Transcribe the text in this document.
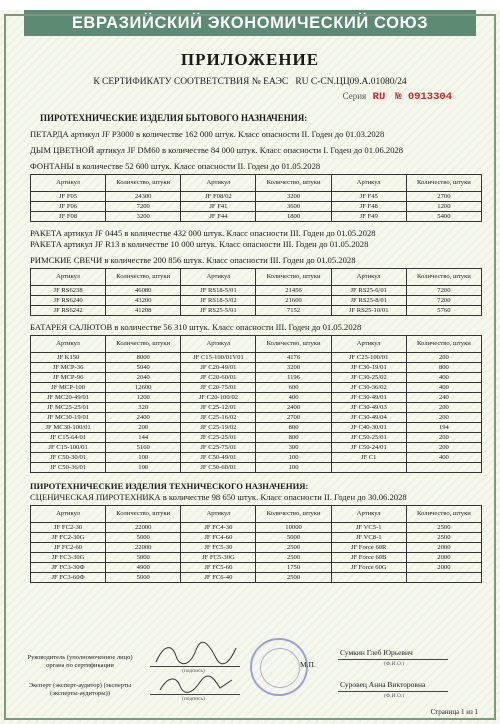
ЕВРАЗИЙСКИЙ ЭКОНОМИЧЕСКИЙ СОЮЗ
ПРИЛОЖЕНИЕ
К СЕРТИФИКАТУ СООТВЕТСТВИЯ № ЕАЭС RU C-CN.ЦЦ09.А.01080/24
Серия RU № 0913304
ПИРОТЕХНИЧЕСКИЕ ИЗДЕЛИЯ БЫТОВОГО НАЗНАЧЕНИЯ:
ПЕТАРДА артикул JF P3000 в количестве 162 000 штук. Класс опасности II. Годен до 01.03.2028
ДЫМ ЦВЕТНОЙ артикул JF DM60 в количестве 84 000 штук. Класс опасности I. Годен до 01.06.2028
ФОНТАНЫ в количестве 52 600 штук. Класс опасности II. Годен до 01.05.2028
Артикул	Количество, штуки	Артикул	Количество, штуки	Артикул	Количество, штуки
JF F05	24300	JF F08/02	3200	JF F45	2700
JF F06	7200	JF F41	3600	JF F48	1200
JF F08	3200	JF F44	1800	JF F49	5400
РАКЕТА артикул JF 0445 в количестве 432 000 штук. Класс опасности III. Годен до 01.05.2028
РАКЕТА артикул JF R13 в количестве 10 000 штук. Класс опасности III. Годен до 01.05.2028
РИМСКИЕ СВЕЧИ в количестве 200 856 штук. Класс опасности III. Годен до 01.05.2028
Артикул	Количество, штуки	Артикул	Количество, штуки	Артикул	Количество, штуки
JF RS6238	46080	JF RS18-5/01	21456	JF RS25-6/01	7200
JF RS6240	43200	JF RS18-5/02	21600	JF RS25-8/01	7200
JF RS6242	41208	JF RS25-5/01	7152	JF RS25-10/01	5760
БАТАРЕЯ САЛЮТОВ в количестве 56 310 штук. Класс опасности III. Годен до 01.05.2028
Артикул	Количество, штуки	Артикул	Количество, штуки	Артикул	Количество, штуки
JF K150	8000	JF C15-100/01V01	4176	JF C25-100/01	200
JF MCP-36	5040	JF C20-49/01	3200	JF C30-19/01	800
JF MCP-96	2040	JF C20-60/01	1196	JF C30-25/02	400
JF MCP-100	12600	JF C20-75/01	600	JF C30-36/02	400
JF MC20-49/01	1200	JF C20-100/02	400	JF C30-49/01	240
JF MC25-25/01	320	JF C25-12/01	2400	JF C30-49/03	200
JF MC30-19/01	2400	JF C25-16/02	2700	JF C30-49/04	200
JF MC30-100/01	200	JF C25-19/02	800	JF C40-30/01	194
JF C15-64/01	144	JF C25-25/01	800	JF C50-25/01	200
JF C15-100/01	5160	JF C25-75/01	300	JF C50-24/01	200
JF C50-30/01	100	JF C50-49/01	100	JF C1	400
JF C50-36/01	100	JF C50-60/01	100		
ПИРОТЕХНИЧЕСКИЕ ИЗДЕЛИЯ ТЕХНИЧЕСКОГО НАЗНАЧЕНИЯ:
СЦЕНИЧЕСКАЯ ПИРОТЕХНИКА в количестве 98 650 штук. Класс опасности II. Годен до 30.06.2028
Артикул	Количество, штуки	Артикул	Количество, штуки	Артикул	Количество, штуки
JF FC2-30	22000	JF FC4-30	10000	JF VC5-1	2500
JF FC2-30G	5000	JF FC4-60	5000	JF VC8-1	2500
JF FC2-60	22000	JF FC5-30	2500	JF Force 60R	2000
JF FC3-30G	5000	JF FC5-30G	2500	JF Force 60B	2000
JF FC3-30Ф	4900	JF FC5-60	1750	JF Force 60G	2000
JF FC3-60Ф	5000	JF FC6-40	2500		
Руководитель (уполномоченное лицо) органа по сертификации
(подпись)
М.П.
Сумкин Глеб Юрьевич
(Ф.И.О.)
Эксперт (эксперт-аудитор) (эксперты (эксперты-аудиторы))
(подпись)
Суровец Анна Викторовна
(Ф.И.О.)
Страница 1 из 1
